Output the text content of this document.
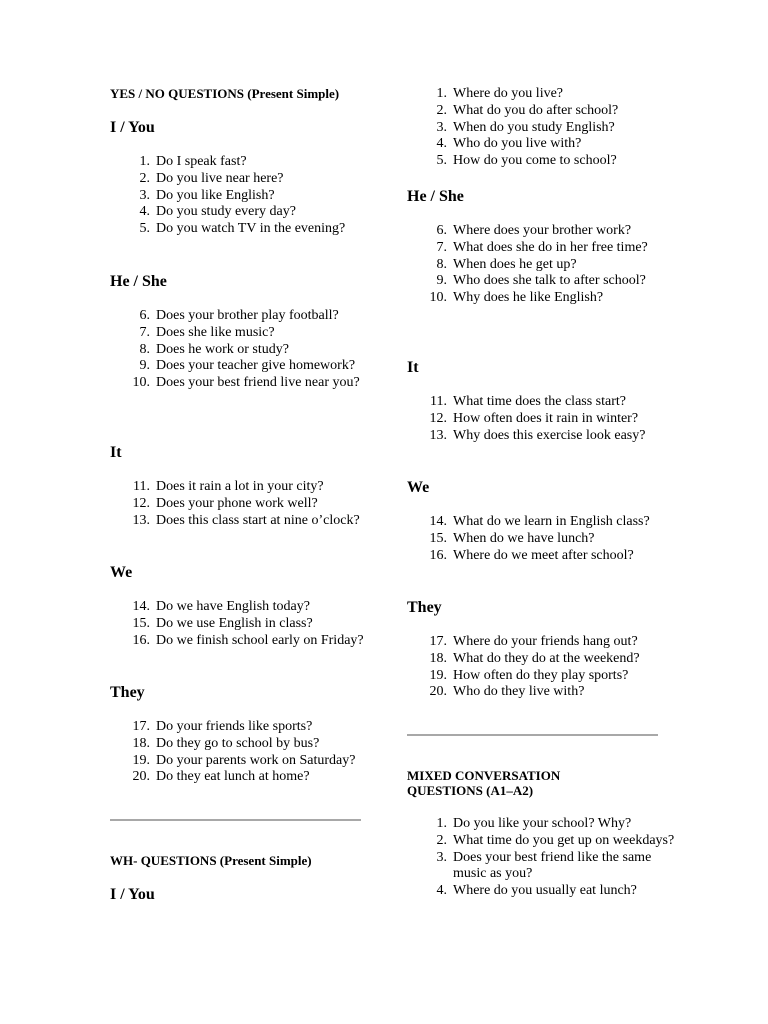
YES / NO QUESTIONS (Present Simple)
I / You
1. Do I speak fast?
2. Do you live near here?
3. Do you like English?
4. Do you study every day?
5. Do you watch TV in the evening?
He / She
6. Does your brother play football?
7. Does she like music?
8. Does he work or study?
9. Does your teacher give homework?
10. Does your best friend live near you?
It
11. Does it rain a lot in your city?
12. Does your phone work well?
13. Does this class start at nine o’clock?
We
14. Do we have English today?
15. Do we use English in class?
16. Do we finish school early on Friday?
They
17. Do your friends like sports?
18. Do they go to school by bus?
19. Do your parents work on Saturday?
20. Do they eat lunch at home?
WH- QUESTIONS (Present Simple)
I / You
1. Where do you live?
2. What do you do after school?
3. When do you study English?
4. Who do you live with?
5. How do you come to school?
He / She
6. Where does your brother work?
7. What does she do in her free time?
8. When does he get up?
9. Who does she talk to after school?
10. Why does he like English?
It
11. What time does the class start?
12. How often does it rain in winter?
13. Why does this exercise look easy?
We
14. What do we learn in English class?
15. When do we have lunch?
16. Where do we meet after school?
They
17. Where do your friends hang out?
18. What do they do at the weekend?
19. How often do they play sports?
20. Who do they live with?
MIXED CONVERSATION QUESTIONS (A1–A2)
1. Do you like your school? Why?
2. What time do you get up on weekdays?
3. Does your best friend like the same music as you?
4. Where do you usually eat lunch?
